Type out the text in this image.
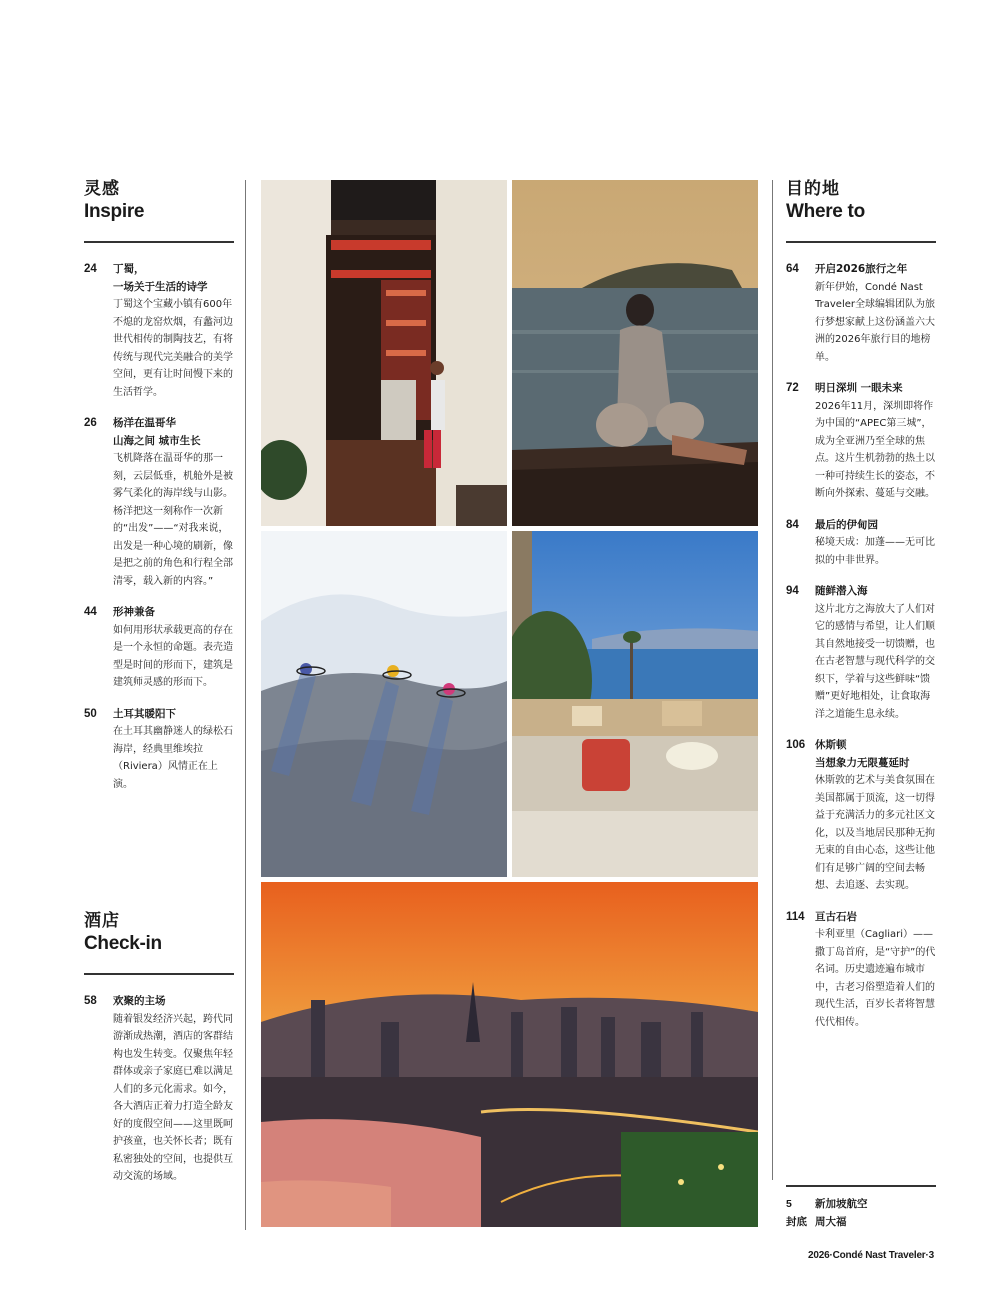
灵感
Inspire
24	丁蜀，
一场关于生活的诗学
丁蜀这个宝藏小镇有600年不熄的龙窑炊烟，有蠡河边世代相传的制陶技艺，有将传统与现代完美融合的美学空间，更有让时间慢下来的生活哲学。
26	杨洋在温哥华
山海之间 城市生长
飞机降落在温哥华的那一刻，云层低垂，机舱外是被雾气柔化的海岸线与山影。杨洋把这一刻称作一次新的“出发”——“对我来说，出发是一种心境的刷新，像是把之前的角色和行程全部清零，载入新的内容。”
44	形神兼备
如何用形状承载更高的存在是一个永恒的命题。表壳造型是时间的形而下，建筑是建筑师灵感的形而下。
50	土耳其暖阳下
在土耳其幽静迷人的绿松石海岸，经典里维埃拉（Riviera）风情正在上演。
酒店
Check-in
58	欢聚的主场
随着银发经济兴起，跨代同游渐成热潮，酒店的客群结构也发生转变。仅聚焦年轻群体或亲子家庭已难以满足人们的多元化需求。如今，各大酒店正着力打造全龄友好的度假空间——这里既呵护孩童，也关怀长者；既有私密独处的空间，也提供互动交流的场域。
目的地
Where to
64	开启2026旅行之年
新年伊始，Condé Nast Traveler全球编辑团队为旅行梦想家献上这份涵盖六大洲的2026年旅行目的地榜单。
72	明日深圳 一眼未来
2026年11月，深圳即将作为中国的“APEC第三城”，成为全亚洲乃至全球的焦点。这片生机勃勃的热土以一种可持续生长的姿态，不断向外探索、蔓延与交融。
84	最后的伊甸园
秘境天成：加蓬——无可比拟的中非世界。
94	随鲜潜入海
这片北方之海放大了人们对它的感情与希望，让人们顺其自然地接受一切馈赠，也在古老智慧与现代科学的交织下，学着与这些鲜味“馈赠”更好地相处，让食取海洋之道能生息永续。
106 休斯顿
当想象力无限蔓延时
休斯敦的艺术与美食氛围在美国都属于顶流，这一切得益于充满活力的多元社区文化，以及当地居民那种无拘无束的自由心态，这些让他们有足够广阔的空间去畅想、去追逐、去实现。
114 亘古石岩
卡利亚里（Cagliari）——撒丁岛首府，是“守护”的代名词。历史遗迹遍布城市中，古老习俗塑造着人们的现代生活，百岁长者将智慧代代相传。
5	新加坡航空
封底 周大福
2026·Condé Nast Traveler·3
